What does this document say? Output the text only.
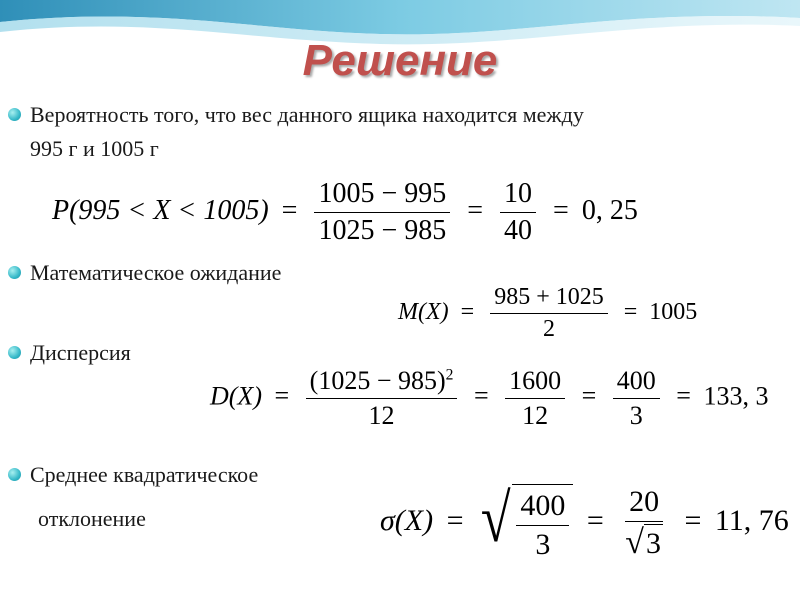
Решение
Вероятность того, что вес данного ящика находится между
995 г и 1005 г
$P(995 < X < 1005) = \frac{1005 - 995}{1025 - 985} = \frac{10}{40} = 0$, 25
Математическое ожидание
$M(X) = \frac{985 + 1025}{2} = 1005$
Дисперсия
$D(X) = \frac{(1025 - 985)^2}{12} = \frac{1600}{12} = \frac{400}{3} = 133$, 3
Среднее квадратическое
отклонение	σ(X) = √ $\frac{400}{3} = \frac{20}{√ 3} = 11$, 76
